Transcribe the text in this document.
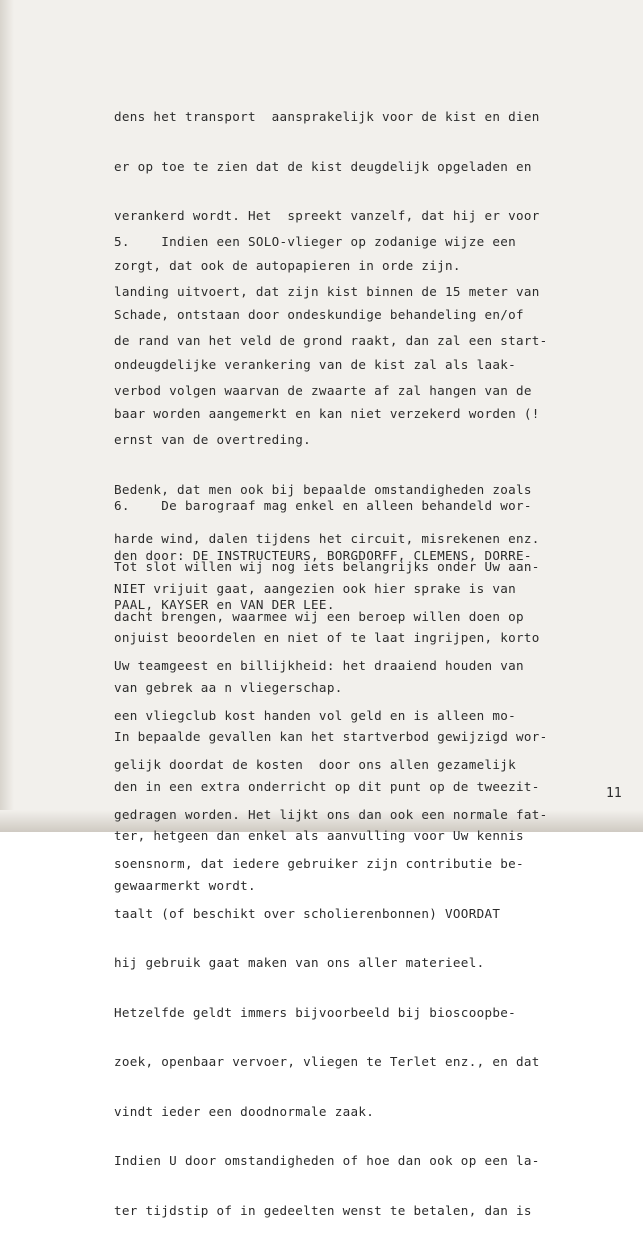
dens het transport  aansprakelijk voor de kist en dien

er op toe te zien dat de kist deugdelijk opgeladen en

verankerd wordt. Het  spreekt vanzelf, dat hij er voor

zorgt, dat ook de autopapieren in orde zijn.

Schade, ontstaan door ondeskundige behandeling en/of

ondeugdelijke verankering van de kist zal als laak-

baar worden aangemerkt en kan niet verzekerd worden (!

5.    Indien een SOLO-vlieger op zodanige wijze een

landing uitvoert, dat zijn kist binnen de 15 meter van

de rand van het veld de grond raakt, dan zal een start-

verbod volgen waarvan de zwaarte af zal hangen van de

ernst van de overtreding.

Bedenk, dat men ook bij bepaalde omstandigheden zoals

harde wind, dalen tijdens het circuit, misrekenen enz.

NIET vrijuit gaat, aangezien ook hier sprake is van

onjuist beoordelen en niet of te laat ingrijpen, korto

van gebrek aa n vliegerschap.

In bepaalde gevallen kan het startverbod gewijzigd wor-

den in een extra onderricht op dit punt op de tweezit-

ter, hetgeen dan enkel als aanvulling voor Uw kennis

gewaarmerkt wordt.

6.    De barograaf mag enkel en alleen behandeld wor-

den door: DE INSTRUCTEURS, BORGDORFF, CLEMENS, DORRE-

PAAL, KAYSER en VAN DER LEE.

Tot slot willen wij nog iets belangrijks onder Uw aan-

dacht brengen, waarmee wij een beroep willen doen op

Uw teamgeest en billijkheid: het draaiend houden van

een vliegclub kost handen vol geld en is alleen mo-

gelijk doordat de kosten  door ons allen gezamelijk

gedragen worden. Het lijkt ons dan ook een normale fat-

soensnorm, dat iedere gebruiker zijn contributie be-

taalt (of beschikt over scholierenbonnen) VOORDAT

hij gebruik gaat maken van ons aller materieel.

Hetzelfde geldt immers bijvoorbeeld bij bioscoopbe-

zoek, openbaar vervoer, vliegen te Terlet enz., en dat

vindt ieder een doodnormale zaak.

Indien U door omstandigheden of hoe dan ook op een la-

ter tijdstip of in gedeelten wenst te betalen, dan is

11
